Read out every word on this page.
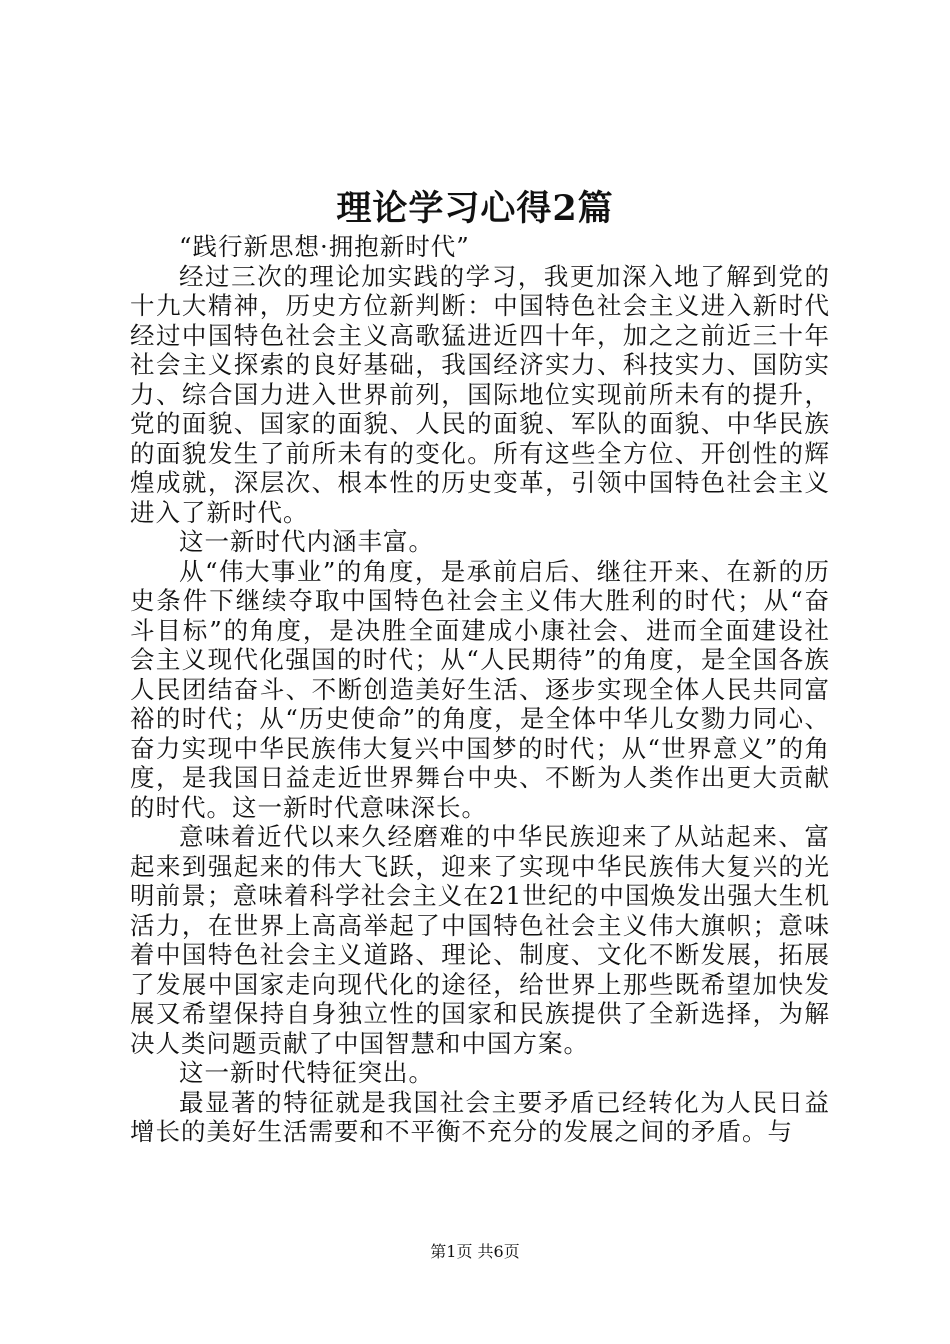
理论学习心得2篇

“践行新思想·拥抱新时代”

经过三次的理论加实践的学习，我更加深入地了解到党的十九大精神，历史方位新判断：中国特色社会主义进入新时代经过中国特色社会主义高歌猛进近四十年，加之之前近三十年社会主义探索的良好基础，我国经济实力、科技实力、国防实力、综合国力进入世界前列，国际地位实现前所未有的提升，党的面貌、国家的面貌、人民的面貌、军队的面貌、中华民族的面貌发生了前所未有的变化。所有这些全方位、开创性的辉煌成就，深层次、根本性的历史变革，引领中国特色社会主义进入了新时代。

这一新时代内涵丰富。

从“伟大事业”的角度，是承前启后、继往开来、在新的历史条件下继续夺取中国特色社会主义伟大胜利的时代；从“奋斗目标”的角度，是决胜全面建成小康社会、进而全面建设社会主义现代化强国的时代；从“人民期待”的角度，是全国各族人民团结奋斗、不断创造美好生活、逐步实现全体人民共同富裕的时代；从“历史使命”的角度，是全体中华儿女勠力同心、奋力实现中华民族伟大复兴中国梦的时代；从“世界意义”的角度，是我国日益走近世界舞台中央、不断为人类作出更大贡献的时代。这一新时代意味深长。

意味着近代以来久经磨难的中华民族迎来了从站起来、富起来到强起来的伟大飞跃，迎来了实现中华民族伟大复兴的光明前景；意味着科学社会主义在21世纪的中国焕发出强大生机活力，在世界上高高举起了中国特色社会主义伟大旗帜；意味着中国特色社会主义道路、理论、制度、文化不断发展，拓展了发展中国家走向现代化的途径，给世界上那些既希望加快发展又希望保持自身独立性的国家和民族提供了全新选择，为解决人类问题贡献了中国智慧和中国方案。

这一新时代特征突出。

最显著的特征就是我国社会主要矛盾已经转化为人民日益增长的美好生活需要和不平衡不充分的发展之间的矛盾。与

第1页 共6页
